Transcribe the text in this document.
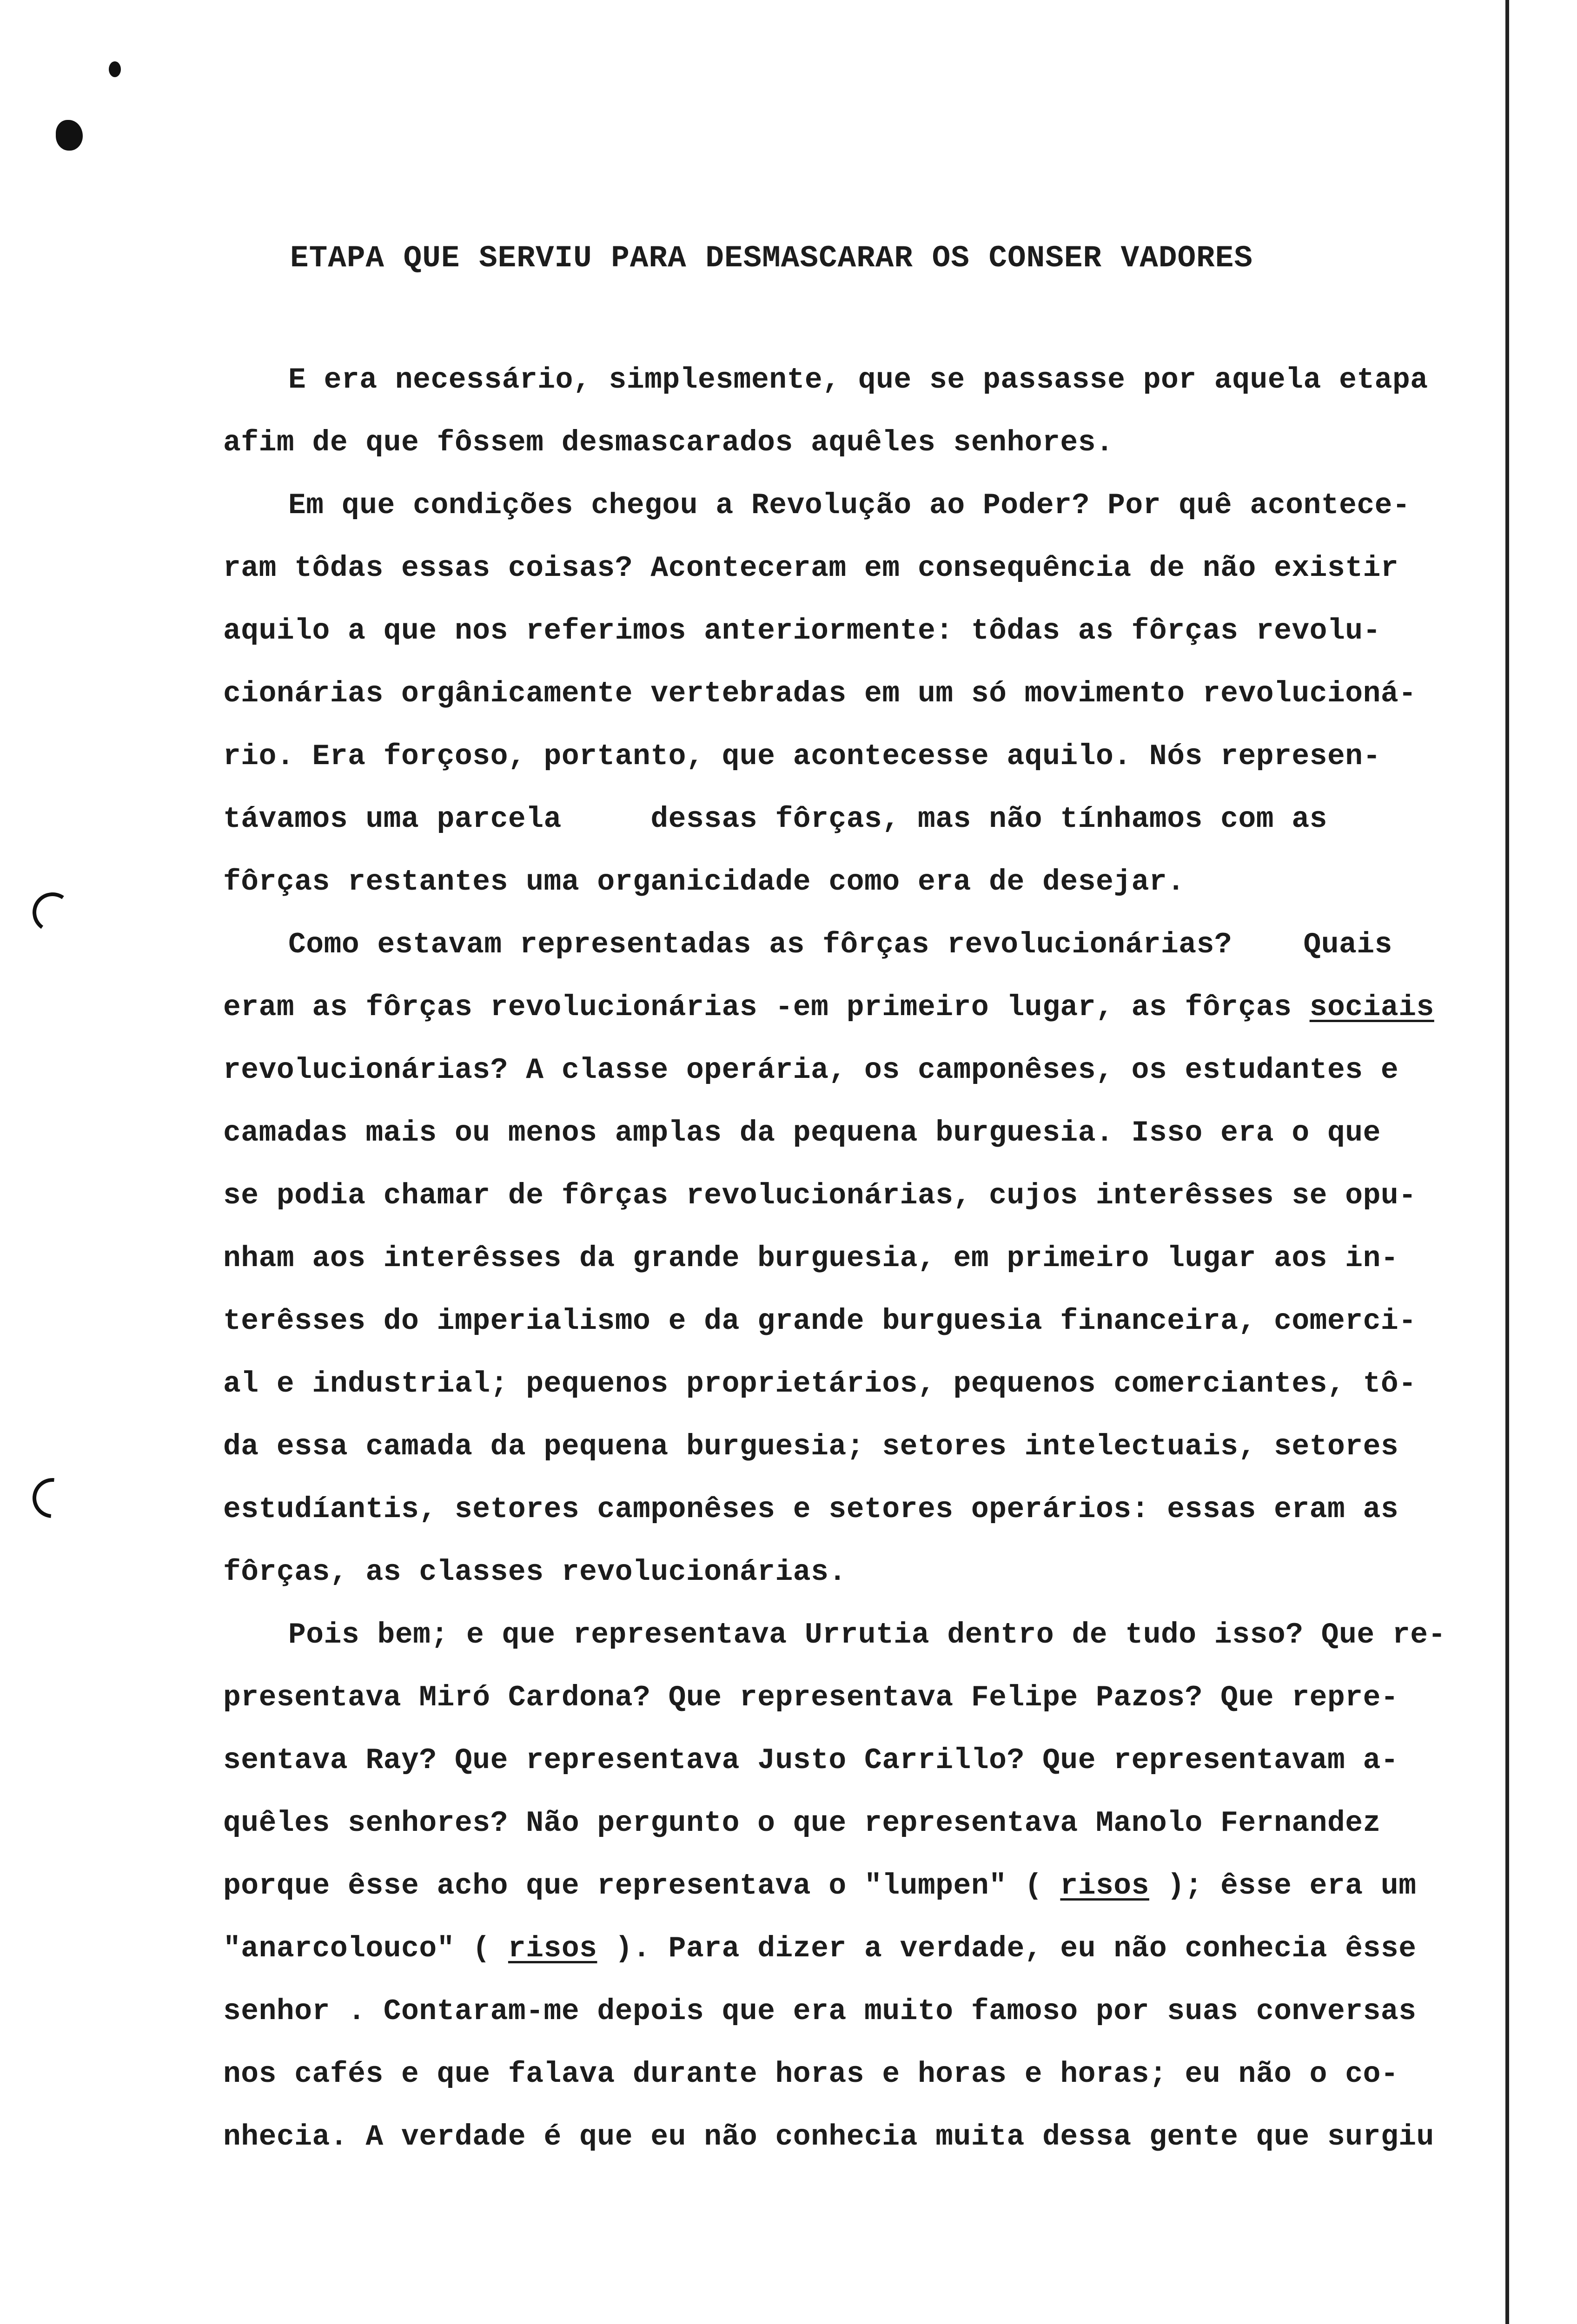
ETAPA QUE SERVIU PARA DESMASCARAR OS CONSER VADORES
E era necessário, simplesmente, que se passasse por aquela etapa
afim de que fôssem desmascarados aquêles senhores.
Em que condições chegou a Revolução ao Poder? Por quê acontece-
ram tôdas essas coisas? Aconteceram em consequência de não existir
aquilo a que nos referimos anteriormente: tôdas as fôrças revolu-
cionárias orgânicamente vertebradas em um só movimento revolucioná-
rio. Era forçoso, portanto, que acontecesse aquilo. Nós represen-
távamos uma parcela     dessas fôrças, mas não tínhamos com as
fôrças restantes uma organicidade como era de desejar.
Como estavam representadas as fôrças revolucionárias?    Quais
eram as fôrças revolucionárias -em primeiro lugar, as fôrças sociais
revolucionárias? A classe operária, os camponêses, os estudantes e
camadas mais ou menos amplas da pequena burguesia. Isso era o que
se podia chamar de fôrças revolucionárias, cujos interêsses se opu-
nham aos interêsses da grande burguesia, em primeiro lugar aos in-
terêsses do imperialismo e da grande burguesia financeira, comerci-
al e industrial; pequenos proprietários, pequenos comerciantes, tô-
da essa camada da pequena burguesia; setores intelectuais, setores
estudíantis, setores camponêses e setores operários: essas eram as
fôrças, as classes revolucionárias.
Pois bem; e que representava Urrutia dentro de tudo isso? Que re-
presentava Miró Cardona? Que representava Felipe Pazos? Que repre-
sentava Ray? Que representava Justo Carrillo? Que representavam a-
quêles senhores? Não pergunto o que representava Manolo Fernandez
porque êsse acho que representava o "lumpen" ( risos ); êsse era um
"anarcolouco" ( risos ). Para dizer a verdade, eu não conhecia êsse
senhor . Contaram-me depois que era muito famoso por suas conversas
nos cafés e que falava durante horas e horas e horas; eu não o co-
nhecia. A verdade é que eu não conhecia muita dessa gente que surgiu
